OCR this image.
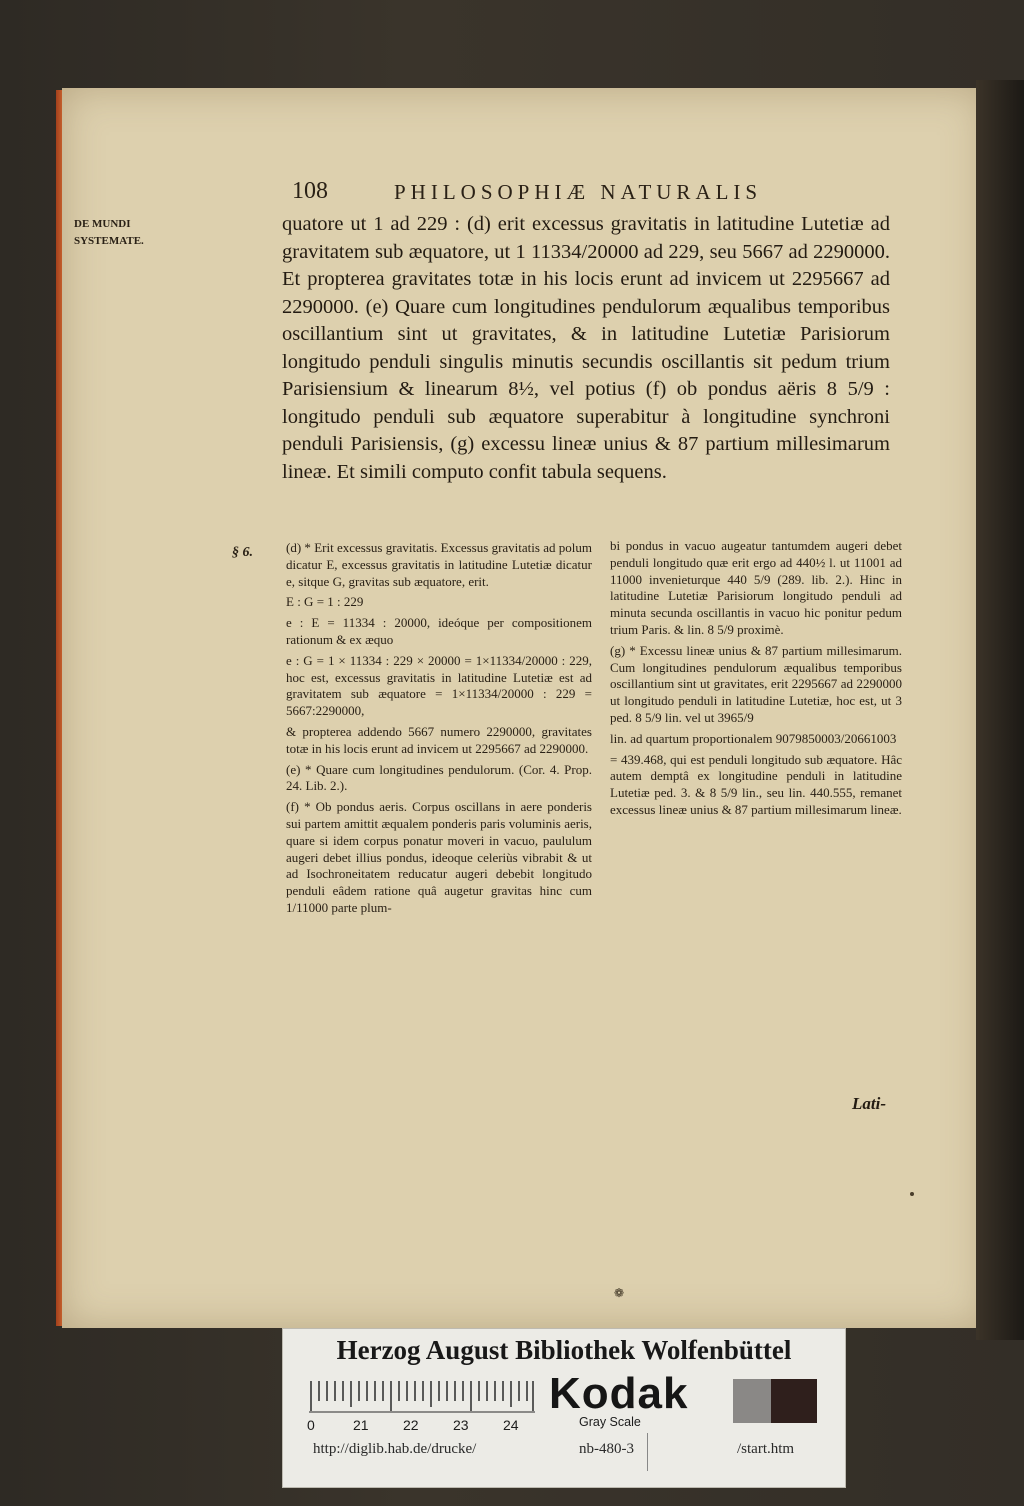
108	PHILOSOPHIÆ NATURALIS
DE MUNDI SYSTEMATE.
§ 6.

quatore ut 1 ad 229 : (d) erit excessus gravitatis in latitudine Lutetiæ ad gravitatem sub æquatore, ut 1 11334/20000 ad 229, seu 5667 ad 2290000. Et propterea gravitates totæ in his locis erunt ad invicem ut 2295667 ad 2290000. (e) Quare cum longitudines pendulorum æqualibus temporibus oscillantium sint ut gravitates, & in latitudine Lutetiæ Parisiorum longitudo penduli singulis minutis secundis oscillantis sit pedum trium Parisiensium & linearum 8½, vel potius (f) ob pondus aëris 8 5/9 : longitudo penduli sub æquatore superabitur à longitudine synchroni penduli Parisiensis, (g) excessu lineæ unius & 87 partium millesimarum lineæ. Et simili computo confit tabula sequens.

(d) * Erit excessus gravitatis. Excessus gravitatis ad polum dicatur E, excessus gravitatis in latitudine Lutetiæ dicatur e, sitque G, gravitas sub æquatore, erit.

E : G = 1 : 229

e : E = 11334 : 20000, ideóque per compositionem rationum & ex æquo

e : G = 1 × 11334 : 229 × 20000 = 1×11334/20000 : 229, hoc est, excessus gravitatis in latitudine Lutetiæ est ad gravitatem sub æquatore = 1×11334/20000 : 229 = 5667:2290000,

& propterea addendo 5667 numero 2290000, gravitates totæ in his locis erunt ad invicem ut 2295667 ad 2290000.

(e) * Quare cum longitudines pendulorum. (Cor. 4. Prop. 24. Lib. 2.).

(f) * Ob pondus aeris. Corpus oscillans in aere ponderis sui partem amittit æqualem ponderis paris voluminis aeris, quare si idem corpus ponatur moveri in vacuo, paululum augeri debet illius pondus, ideoque celeriùs vibrabit & ut ad Isochroneitatem reducatur augeri debebit longitudo penduli eâdem ratione quâ augetur gravitas hinc cum 1/11000 parte plum-

bi pondus in vacuo augeatur tantumdem augeri debet penduli longitudo quæ erit ergo ad 440½ l. ut 11001 ad 11000 invenieturque 440 5/9 (289. lib. 2.). Hinc in latitudine Lutetiæ Parisiorum longitudo penduli ad minuta secunda oscillantis in vacuo hic ponitur pedum trium Paris. & lin. 8 5/9 proximè.

(g) * Excessu lineæ unius & 87 partium millesimarum. Cum longitudines pendulorum æqualibus temporibus oscillantium sint ut gravitates, erit 2295667 ad 2290000 ut longitudo penduli in latitudine Lutetiæ, hoc est, ut 3 ped. 8 5/9 lin. vel ut 3965/9

lin. ad quartum proportionalem 9079850003/20661003

= 439.468, qui est penduli longitudo sub æquatore. Hâc autem demptâ ex longitudine penduli in latitudine Lutetiæ ped. 3. & 8 5/9 lin., seu lin. 440.555, remanet excessus lineæ unius & 87 partium millesimarum lineæ.

Lati-
❁
Herzog August Bibliothek Wolfenbüttel
0	21 22 23 24
Kodak
Gray Scale
http://diglib.hab.de/drucke/	nb-480-3	/start.htm
